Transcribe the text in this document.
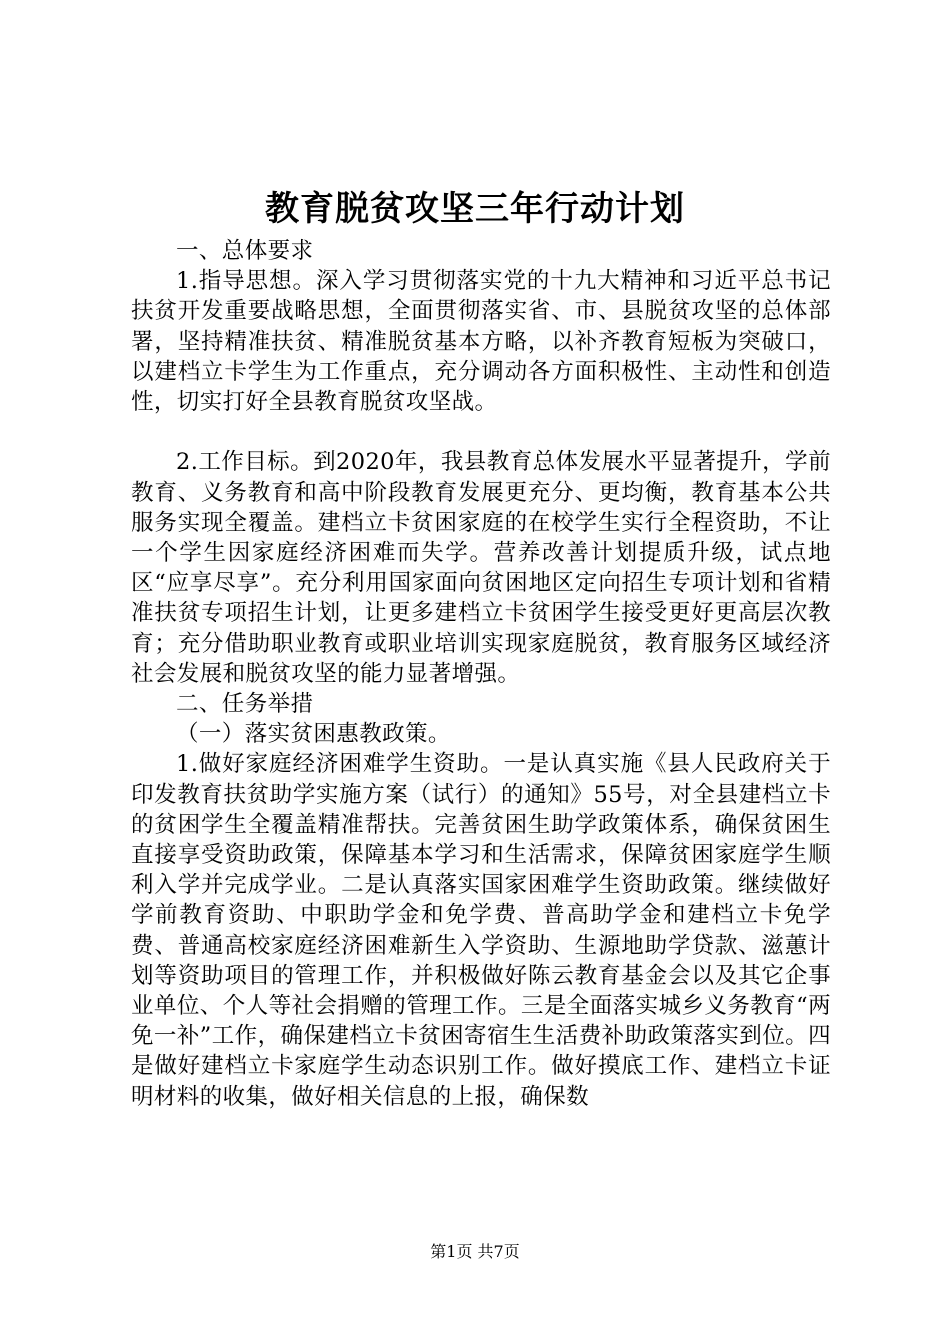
教育脱贫攻坚三年行动计划

一、总体要求

1.指导思想。深入学习贯彻落实党的十九大精神和习近平总书记扶贫开发重要战略思想，全面贯彻落实省、市、县脱贫攻坚的总体部署，坚持精准扶贫、精准脱贫基本方略，以补齐教育短板为突破口，以建档立卡学生为工作重点，充分调动各方面积极性、主动性和创造性，切实打好全县教育脱贫攻坚战。

2.工作目标。到2020年，我县教育总体发展水平显著提升，学前教育、义务教育和高中阶段教育发展更充分、更均衡，教育基本公共服务实现全覆盖。建档立卡贫困家庭的在校学生实行全程资助，不让一个学生因家庭经济困难而失学。营养改善计划提质升级，试点地区“应享尽享”。充分利用国家面向贫困地区定向招生专项计划和省精准扶贫专项招生计划，让更多建档立卡贫困学生接受更好更高层次教育；充分借助职业教育或职业培训实现家庭脱贫，教育服务区域经济社会发展和脱贫攻坚的能力显著增强。

二、任务举措

（一）落实贫困惠教政策。

1.做好家庭经济困难学生资助。一是认真实施《县人民政府关于印发教育扶贫助学实施方案（试行）的通知》55号，对全县建档立卡的贫困学生全覆盖精准帮扶。完善贫困生助学政策体系，确保贫困生直接享受资助政策，保障基本学习和生活需求，保障贫困家庭学生顺利入学并完成学业。二是认真落实国家困难学生资助政策。继续做好学前教育资助、中职助学金和免学费、普高助学金和建档立卡免学费、普通高校家庭经济困难新生入学资助、生源地助学贷款、滋蕙计划等资助项目的管理工作，并积极做好陈云教育基金会以及其它企事业单位、个人等社会捐赠的管理工作。三是全面落实城乡义务教育“两免一补”工作，确保建档立卡贫困寄宿生生活费补助政策落实到位。四是做好建档立卡家庭学生动态识别工作。做好摸底工作、建档立卡证明材料的收集，做好相关信息的上报，确保数

第1页 共7页
